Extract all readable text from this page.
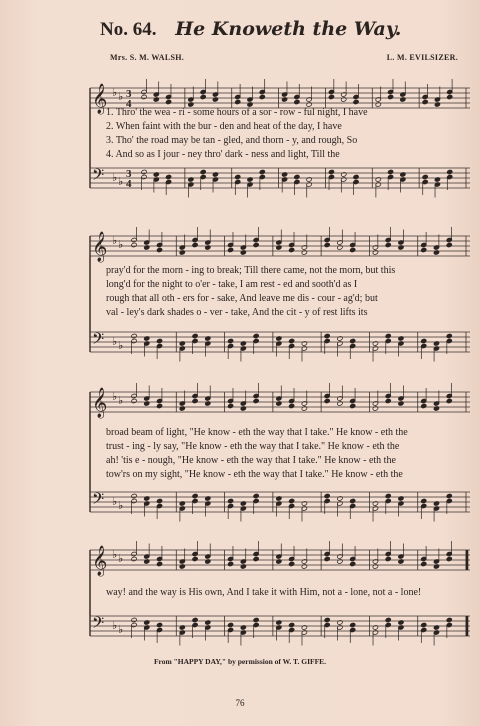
No. 64. He Knoweth the Way.
Mrs. S. M. WALSH.	L. M. EVILSIZER.
𝄞 ♭ ♭ 3
4
𝄢 ♭ ♭
3
4
1. Thro' the wea - ri - some hours of a sor - row - ful night, I have
2. When faint with the bur - den and heat of the day, I have
3. Tho' the road may be tan - gled, and thorn - y, and rough, So
4. And so as I jour - ney thro' dark - ness and light, Till the
𝄞 ♭ ♭
𝄢 ♭ ♭
pray'd for the morn - ing to break; Till there came, not the morn, but this
long'd for the night to o'er - take, I am rest - ed and sooth'd as I
rough that all oth - ers for - sake, And leave me dis - cour - ag'd; but
val - ley's dark shades o - ver - take, And the cit - y of rest lifts its
𝄞 ♭ ♭
𝄢 ♭ ♭
broad beam of light, "He know - eth the way that I take." He know - eth the
trust - ing - ly say, "He know - eth the way that I take." He know - eth the
ah! 'tis e - nough, "He know - eth the way that I take." He know - eth the
tow'rs on my sight, "He know - eth the way that I take." He know - eth the
𝄞 ♭ ♭
𝄢 ♭ ♭
way! and the way is His own, And I take it with Him, not a - lone, not a - lone!
From "HAPPY DAY," by permission of W. T. GIFFE.
76
